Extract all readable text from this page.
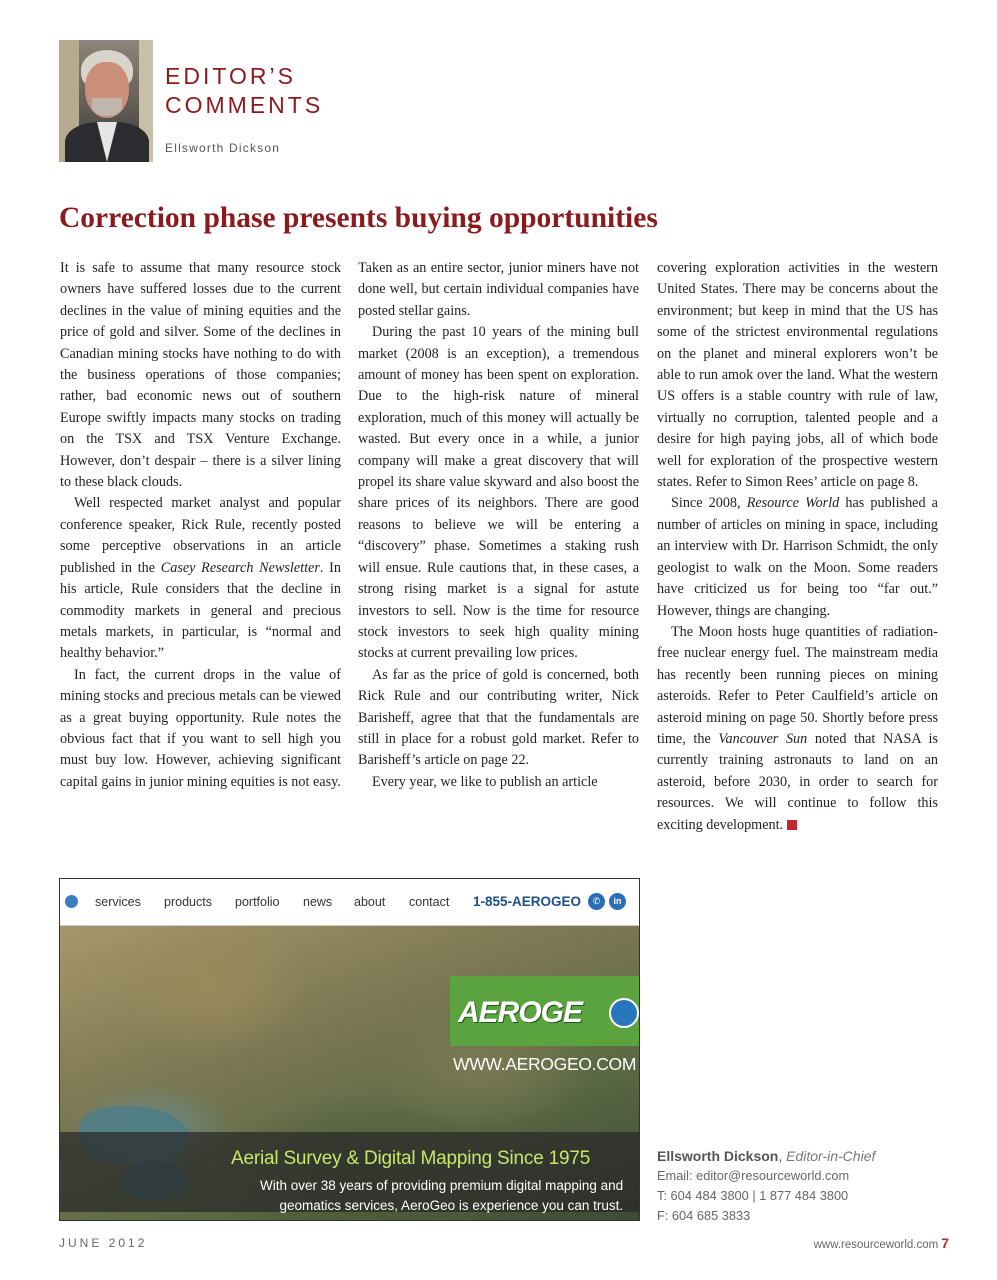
EDITOR’S
COMMENTS
Ellsworth Dickson
Correction phase presents buying opportunities

It is safe to assume that many resource stock owners have suffered losses due to the current declines in the value of mining equities and the price of gold and silver. Some of the declines in Canadian mining stocks have nothing to do with the business operations of those companies; rather, bad economic news out of southern Europe swiftly impacts many stocks on trading on the TSX and TSX Venture Exchange. However, don’t despair – there is a silver lining to these black clouds.

Well respected market analyst and popular conference speaker, Rick Rule, recently posted some perceptive observations in an article published in the Casey Research Newsletter. In his article, Rule considers that the decline in commodity markets in general and precious metals markets, in particular, is “normal and healthy behavior.”

In fact, the current drops in the value of mining stocks and precious metals can be viewed as a great buying opportunity. Rule notes the obvious fact that if you want to sell high you must buy low. However, achieving significant capital gains in junior mining equities is not easy.

Taken as an entire sector, junior miners have not done well, but certain individual companies have posted stellar gains.

During the past 10 years of the mining bull market (2008 is an exception), a tremendous amount of money has been spent on exploration. Due to the high-risk nature of mineral exploration, much of this money will actually be wasted. But every once in a while, a junior company will make a great discovery that will propel its share value skyward and also boost the share prices of its neighbors. There are good reasons to believe we will be entering a “discovery” phase. Sometimes a staking rush will ensue. Rule cautions that, in these cases, a strong rising market is a signal for astute investors to sell. Now is the time for resource stock investors to seek high quality mining stocks at current prevailing low prices.

As far as the price of gold is concerned, both Rick Rule and our contributing writer, Nick Barisheff, agree that that the fundamentals are still in place for a robust gold market. Refer to Barisheff’s article on page 22.

Every year, we like to publish an article

covering exploration activities in the western United States. There may be concerns about the environment; but keep in mind that the US has some of the strictest environmental regulations on the planet and mineral explorers won’t be able to run amok over the land. What the western US offers is a stable country with rule of law, virtually no corruption, talented people and a desire for high paying jobs, all of which bode well for exploration of the prospective western states. Refer to Simon Rees’ article on page 8.

Since 2008, Resource World has published a number of articles on mining in space, including an interview with Dr. Harrison Schmidt, the only geologist to walk on the Moon. Some readers have criticized us for being too “far out.” However, things are changing.

The Moon hosts huge quantities of radiation-free nuclear energy fuel. The mainstream media has recently been running pieces on mining asteroids. Refer to Peter Caulfield’s article on asteroid mining on page 50. Shortly before press time, the Vancouver Sun noted that NASA is currently training astronauts to land on an asteroid, before 2030, in order to search for resources. We will continue to follow this exciting development.

services products portfolio news about contact 1-855-AEROGEO	✆	in
AEROGE
WWW.AEROGEO.COM
Aerial Survey & Digital Mapping Since 1975
With over 38 years of providing premium digital mapping and
geomatics services, AeroGeo is experience you can trust.
Ellsworth Dickson, Editor-in-Chief
Email: editor@resourceworld.com
T: 604 484 3800 | 1 877 484 3800
F: 604 685 3833
JUNE 2012	www.resourceworld.com 7
